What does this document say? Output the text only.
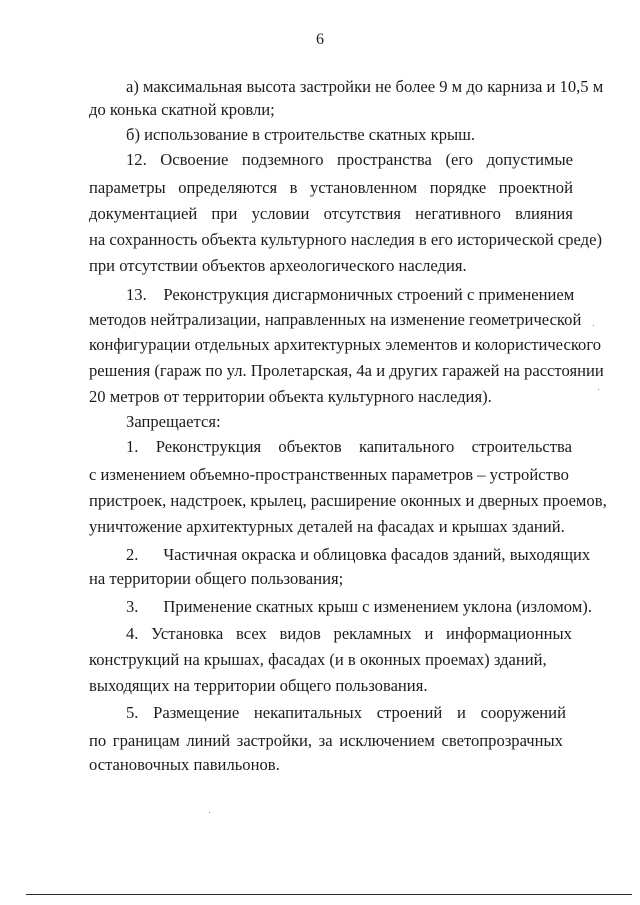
6
а) максимальная высота застройки не более 9 м до карниза и 10,5 м
до конька скатной кровли;
б) использование в строительстве скатных крыш.
12. Освоение подземного пространства (его допустимые
параметры определяются в установленном порядке проектной
документацией при условии отсутствия негативного влияния
на сохранность объекта культурного наследия в его исторической среде)
при отсутствии объектов археологического наследия.
13.    Реконструкция дисгармоничных строений с применением
методов нейтрализации, направленных на изменение геометрической
конфигурации отдельных архитектурных элементов и колористического
решения (гараж по ул. Пролетарская, 4а и других гаражей на расстоянии
20 метров от территории объекта культурного наследия).
Запрещается:
1. Реконструкция объектов капитального строительства
с изменением объемно-пространственных параметров – устройство
пристроек, надстроек, крылец, расширение оконных и дверных проемов,
уничтожение архитектурных деталей на фасадах и крышах зданий.
2.      Частичная окраска и облицовка фасадов зданий, выходящих
на территории общего пользования;
3.      Применение скатных крыш с изменением уклона (изломом).
4. Установка всех видов рекламных и информационных
конструкций на крышах, фасадах (и в оконных проемах) зданий,
выходящих на территории общего пользования.
5. Размещение некапитальных строений и сооружений
по границам линий застройки, за исключением светопрозрачных
остановочных павильонов.
